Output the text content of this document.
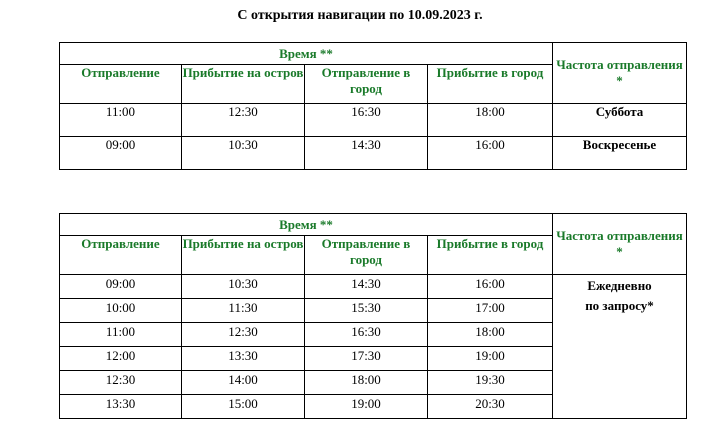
С открытия навигации по 10.09.2023 г.
Время **				Частота отправления *
Отправление	Прибытие на остров	Отправление в город	Прибытие в город	
11:00	12:30	16:30	18:00	Суббота
09:00	10:30	14:30	16:00	Воскресенье
Время **				Частота отправления *
Отправление	Прибытие на остров	Отправление в город	Прибытие в город	
09:00	10:30	14:30	16:00	Ежедневно
по запросу*

10:00	11:30	15:30	17:00	
11:00	12:30	16:30	18:00	
12:00	13:30	17:30	19:00	
12:30	14:00	18:00	19:30	
13:30	15:00	19:00	20:30	
